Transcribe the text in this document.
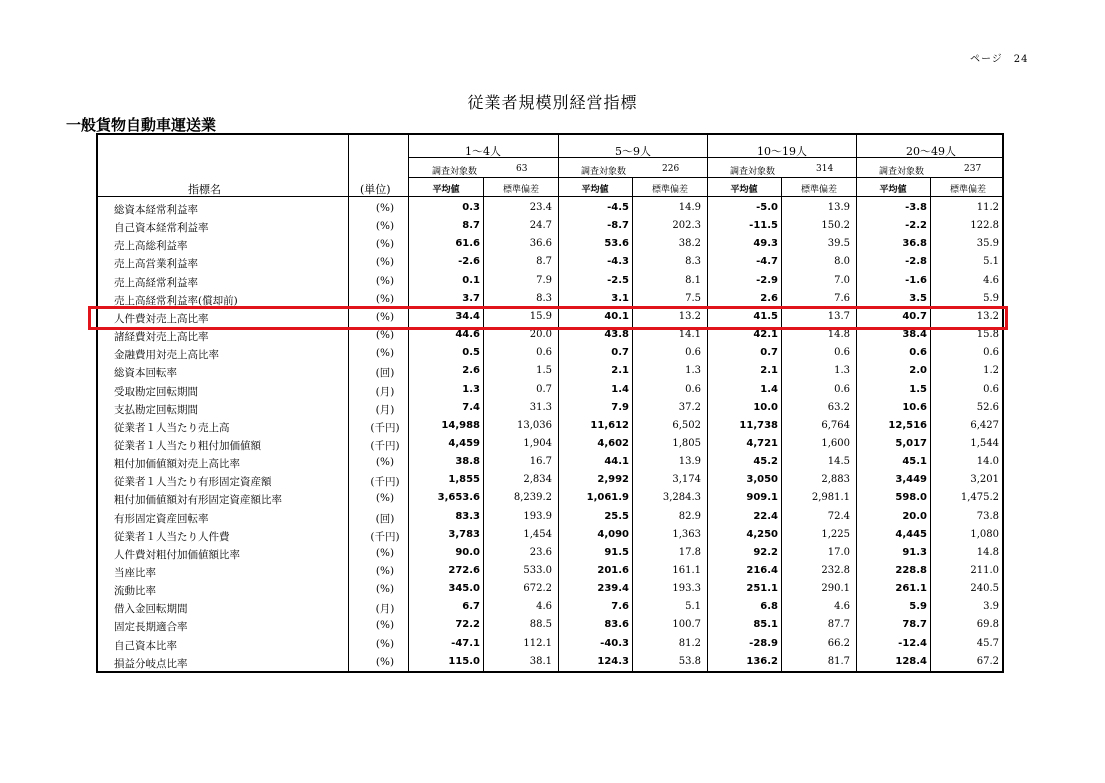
ページ　24
従業者規模別経営指標
一般貨物自動車運送業
1～4人	5～9人	10～19人	20～49人
調査対象数	63	調査対象数	226	調査対象数	314	調査対象数	237
指標名	(単位)	平均値	標準偏差	平均値	標準偏差	平均値	標準偏差	平均値	標準偏差
総資本経常利益率	(%)	0.3	23.4	-4.5	14.9	-5.0	13.9	-3.8	11.2
自己資本経常利益率	(%)	8.7	24.7	-8.7	202.3	-11.5	150.2	-2.2	122.8
売上高総利益率	(%)	61.6	36.6	53.6	38.2	49.3	39.5	36.8	35.9
売上高営業利益率	(%)	-2.6	8.7	-4.3	8.3	-4.7	8.0	-2.8	5.1
売上高経常利益率	(%)	0.1	7.9	-2.5	8.1	-2.9	7.0	-1.6	4.6
売上高経常利益率(償却前)	(%)	3.7	8.3	3.1	7.5	2.6	7.6	3.5	5.9
人件費対売上高比率	(%)	34.4	15.9	40.1	13.2	41.5	13.7	40.7	13.2
諸経費対売上高比率	(%)	44.6	20.0	43.8	14.1	42.1	14.8	38.4	15.8
金融費用対売上高比率	(%)	0.5	0.6	0.7	0.6	0.7	0.6	0.6	0.6
総資本回転率	(回)	2.6	1.5	2.1	1.3	2.1	1.3	2.0	1.2
受取勘定回転期間	(月)	1.3	0.7	1.4	0.6	1.4	0.6	1.5	0.6
支払勘定回転期間	(月)	7.4	31.3	7.9	37.2	10.0	63.2	10.6	52.6
従業者１人当たり売上高	(千円)	14,988	13,036	11,612	6,502	11,738	6,764	12,516	6,427
従業者１人当たり粗付加価値額	(千円)	4,459	1,904	4,602	1,805	4,721	1,600	5,017	1,544
粗付加価値額対売上高比率	(%)	38.8	16.7	44.1	13.9	45.2	14.5	45.1	14.0
従業者１人当たり有形固定資産額	(千円)	1,855	2,834	2,992	3,174	3,050	2,883	3,449	3,201
粗付加価値額対有形固定資産額比率	(%)	3,653.6	8,239.2	1,061.9	3,284.3	909.1	2,981.1	598.0	1,475.2
有形固定資産回転率	(回)	83.3	193.9	25.5	82.9	22.4	72.4	20.0	73.8
従業者１人当たり人件費	(千円)	3,783	1,454	4,090	1,363	4,250	1,225	4,445	1,080
人件費対粗付加価値額比率	(%)	90.0	23.6	91.5	17.8	92.2	17.0	91.3	14.8
当座比率	(%)	272.6	533.0	201.6	161.1	216.4	232.8	228.8	211.0
流動比率	(%)	345.0	672.2	239.4	193.3	251.1	290.1	261.1	240.5
借入金回転期間	(月)	6.7	4.6	7.6	5.1	6.8	4.6	5.9	3.9
固定長期適合率	(%)	72.2	88.5	83.6	100.7	85.1	87.7	78.7	69.8
自己資本比率	(%)	-47.1	112.1	-40.3	81.2	-28.9	66.2	-12.4	45.7
損益分岐点比率	(%)	115.0	38.1	124.3	53.8	136.2	81.7	128.4	67.2
